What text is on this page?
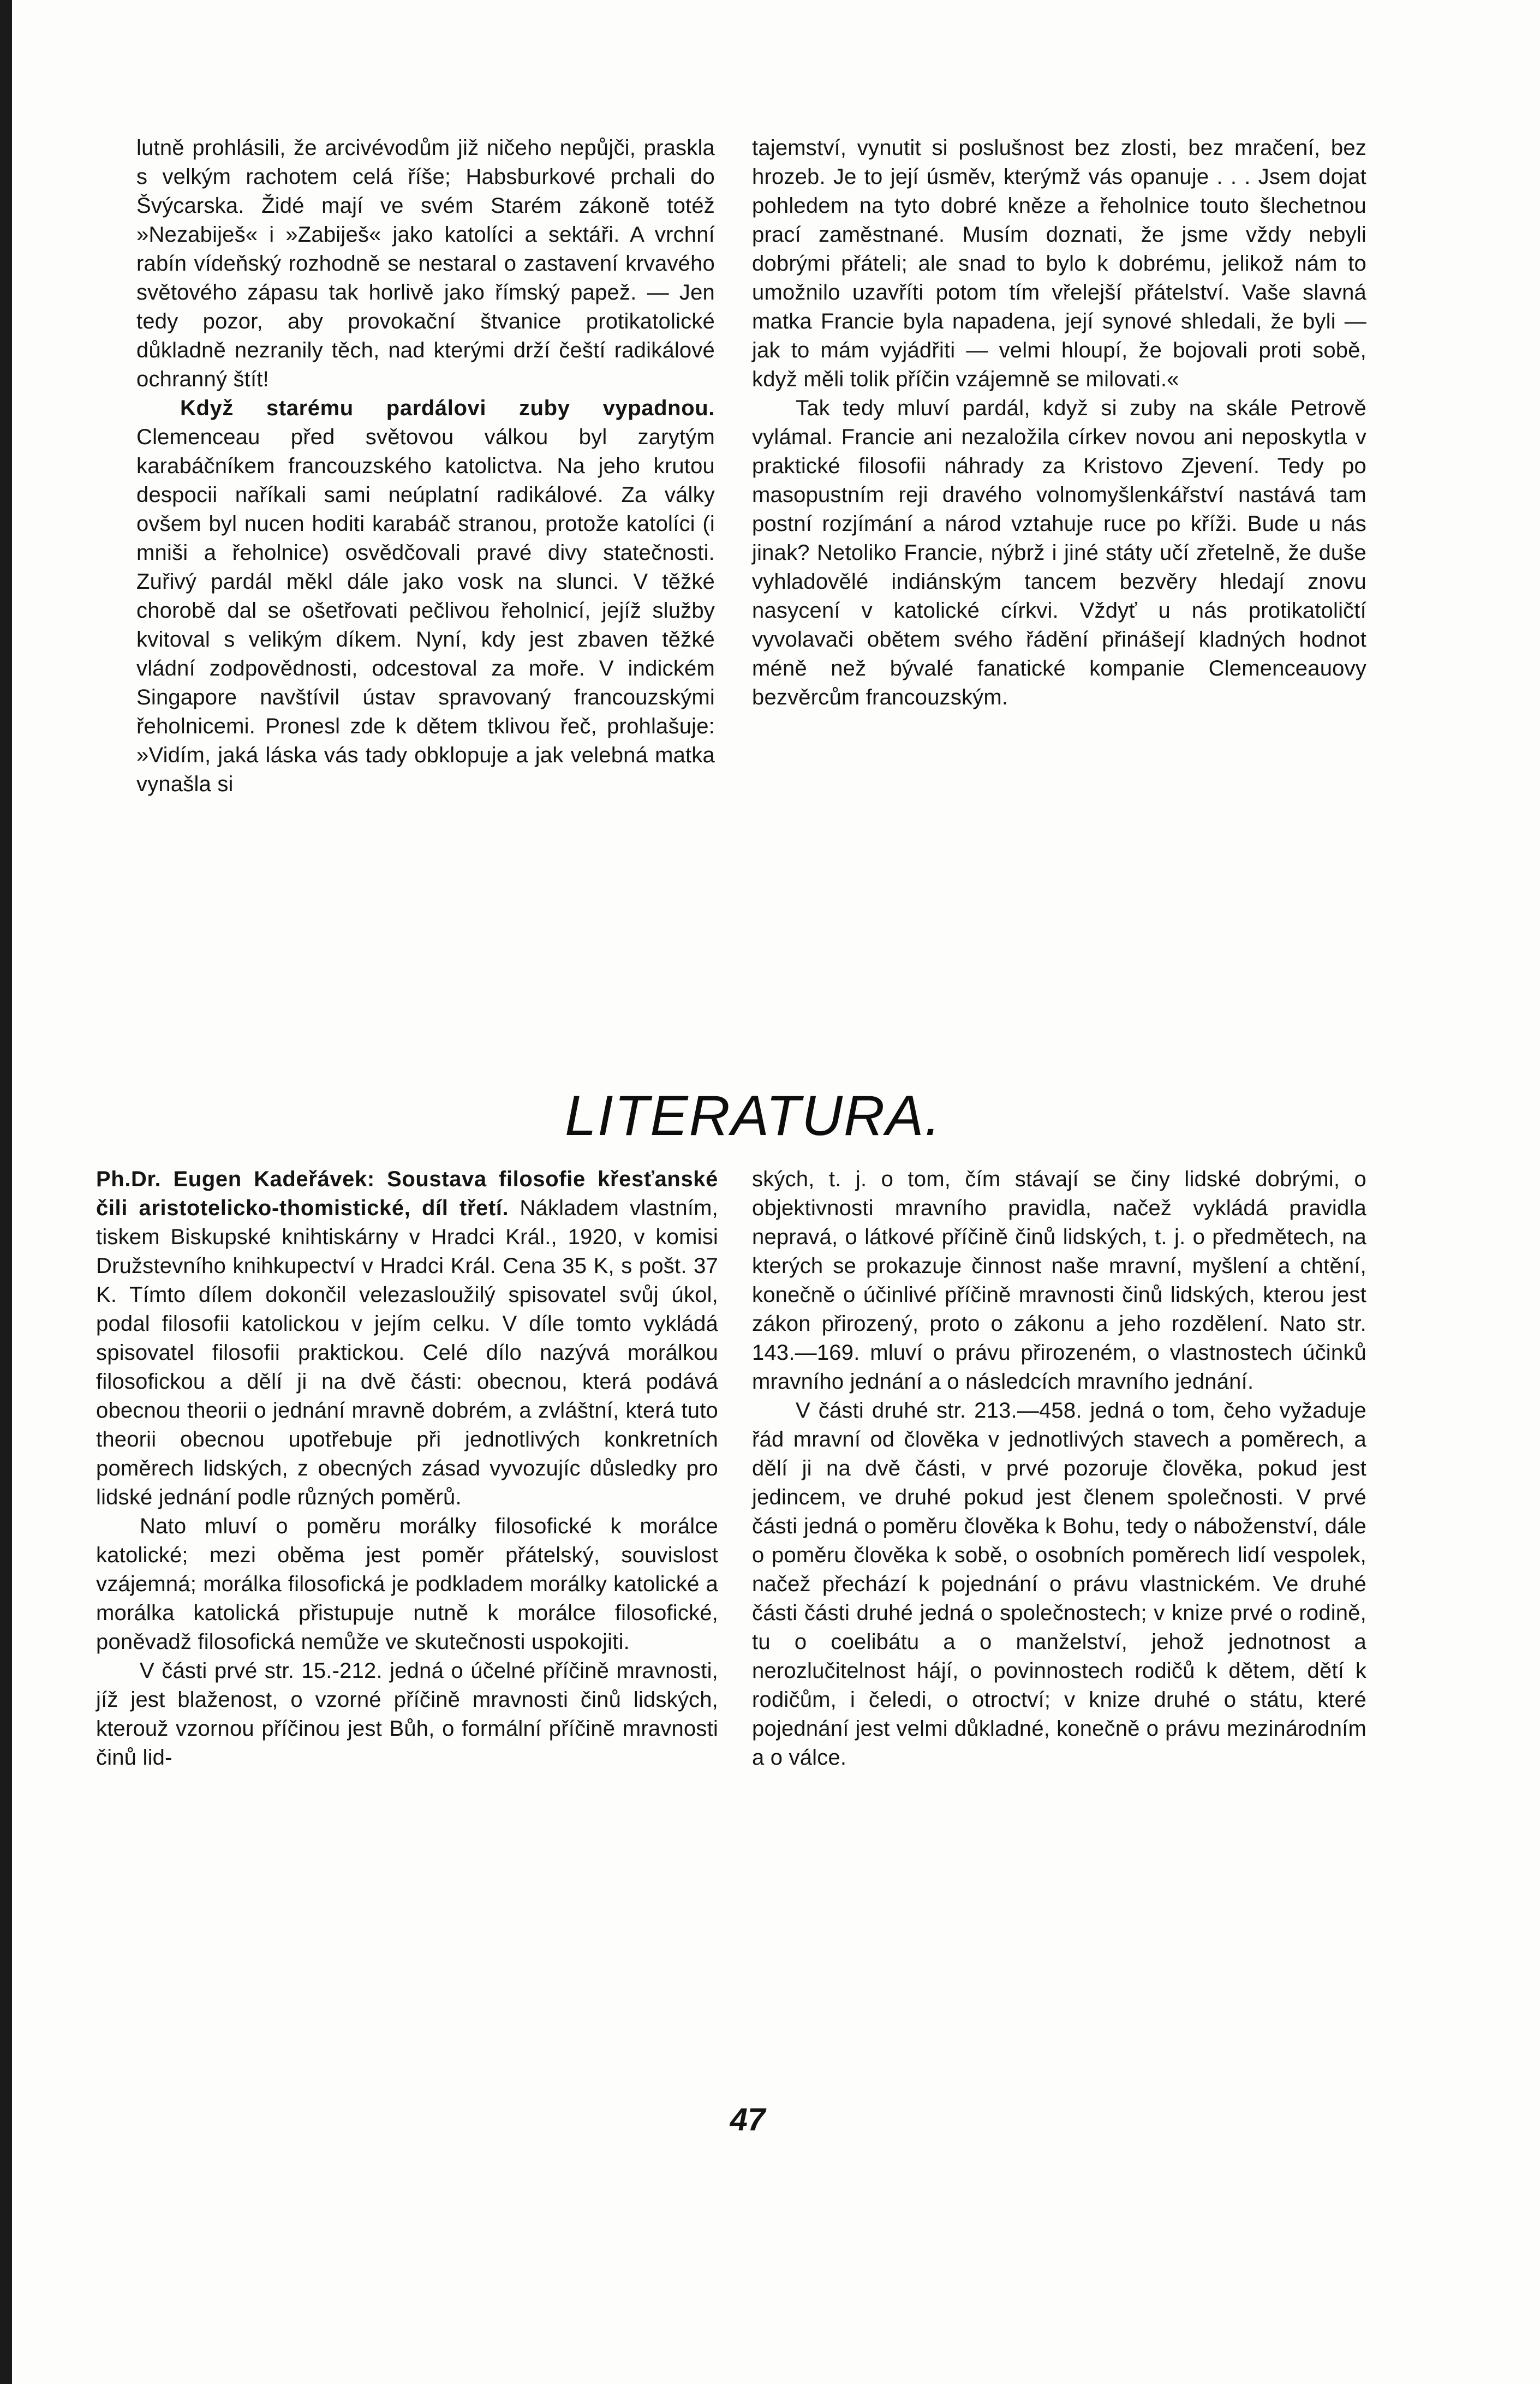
lutně prohlásili, že arcivévodům již ničeho nepůjči, praskla s velkým rachotem celá říše; Habsburkové prchali do Švýcarska. Židé mají ve svém Starém zákoně totéž »Nezabiješ« i »Zabiješ« jako katolíci a sektáři. A vrchní rabín vídeňský rozhodně se nestaral o zastavení krvavého světového zápasu tak horlivě jako římský papež. — Jen tedy pozor, aby provokační štvanice protikatolické důkladně nezranily těch, nad kterými drží čeští radikálové ochranný štít!

Když starému pardálovi zuby vypadnou. Clemenceau před světovou válkou byl zarytým karabáčníkem francouzského katolictva. Na jeho krutou despocii naříkali sami neúplatní radikálové. Za války ovšem byl nucen hoditi karabáč stranou, protože katolíci (i mniši a řeholnice) osvědčovali pravé divy statečnosti. Zuřivý pardál měkl dále jako vosk na slunci. V těžké chorobě dal se ošetřovati pečlivou řeholnicí, jejíž služby kvitoval s velikým díkem. Nyní, kdy jest zbaven těžké vládní zodpovědnosti, odcestoval za moře. V indickém Singapore navštívil ústav spravovaný francouzskými řeholnicemi. Pronesl zde k dětem tklivou řeč, prohlašuje: »Vidím, jaká láska vás tady obklopuje a jak velebná matka vynašla si

tajemství, vynutit si poslušnost bez zlosti, bez mračení, bez hrozeb. Je to její úsměv, kterýmž vás opanuje . . . Jsem dojat pohledem na tyto dobré kněze a řeholnice touto šlechetnou prací zaměstnané. Musím doznati, že jsme vždy nebyli dobrými přáteli; ale snad to bylo k dobrému, jelikož nám to umožnilo uzavříti potom tím vřelejší přátelství. Vaše slavná matka Francie byla napadena, její synové shledali, že byli — jak to mám vyjádřiti — velmi hloupí, že bojovali proti sobě, když měli tolik příčin vzájemně se milovati.«

Tak tedy mluví pardál, když si zuby na skále Petrově vylámal. Francie ani nezaložila církev novou ani neposkytla v praktické filosofii náhrady za Kristovo Zjevení. Tedy po masopustním reji dravého volnomyšlenkářství nastává tam postní rozjímání a národ vztahuje ruce po kříži. Bude u nás jinak? Netoliko Francie, nýbrž i jiné státy učí zřetelně, že duše vyhladovělé indiánským tancem bezvěry hledají znovu nasycení v katolické církvi. Vždyť u nás protikatoličtí vyvolavači obětem svého řádění přinášejí kladných hodnot méně než bývalé fanatické kompanie Clemenceauovy bezvěrcům francouzským.

LITERATURA.

Ph.Dr. Eugen Kadeřávek: Soustava filosofie křesťanské čili aristotelicko-thomistické, díl třetí. Nákladem vlastním, tiskem Biskupské knihtiskárny v Hradci Král., 1920, v komisi Družstevního knihkupectví v Hradci Král. Cena 35 K, s pošt. 37 K. Tímto dílem dokončil velezasloužilý spisovatel svůj úkol, podal filosofii katolickou v jejím celku. V díle tomto vykládá spisovatel filosofii praktickou. Celé dílo nazývá morálkou filosofickou a dělí ji na dvě části: obecnou, která podává obecnou theorii o jednání mravně dobrém, a zvláštní, která tuto theorii obecnou upotřebuje při jednotlivých konkretních poměrech lidských, z obecných zásad vyvozujíc důsledky pro lidské jednání podle různých poměrů.

Nato mluví o poměru morálky filosofické k morálce katolické; mezi oběma jest poměr přátelský, souvislost vzájemná; morálka filosofická je podkladem morálky katolické a morálka katolická přistupuje nutně k morálce filosofické, poněvadž filosofická nemůže ve skutečnosti uspokojiti.

V části prvé str. 15.-212. jedná o účelné příčině mravnosti, jíž jest blaženost, o vzorné příčině mravnosti činů lidských, kterouž vzornou příčinou jest Bůh, o formální příčině mravnosti činů lid-

ských, t. j. o tom, čím stávají se činy lidské dobrými, o objektivnosti mravního pravidla, načež vykládá pravidla nepravá, o látkové příčině činů lidských, t. j. o předmětech, na kterých se prokazuje činnost naše mravní, myšlení a chtění, konečně o účinlivé příčině mravnosti činů lidských, kterou jest zákon přirozený, proto o zákonu a jeho rozdělení. Nato str. 143.—169. mluví o právu přirozeném, o vlastnostech účinků mravního jednání a o následcích mravního jednání.

V části druhé str. 213.—458. jedná o tom, čeho vyžaduje řád mravní od člověka v jednotlivých stavech a poměrech, a dělí ji na dvě části, v prvé pozoruje člověka, pokud jest jedincem, ve druhé pokud jest členem společnosti. V prvé části jedná o poměru člověka k Bohu, tedy o náboženství, dále o poměru člověka k sobě, o osobních poměrech lidí vespolek, načež přechází k pojednání o právu vlastnickém. Ve druhé části části druhé jedná o společnostech; v knize prvé o rodině, tu o coelibátu a o manželství, jehož jednotnost a nerozlučitelnost hájí, o povinnostech rodičů k dětem, dětí k rodičům, i čeledi, o otroctví; v knize druhé o státu, které pojednání jest velmi důkladné, konečně o právu mezinárodním a o válce.

47
